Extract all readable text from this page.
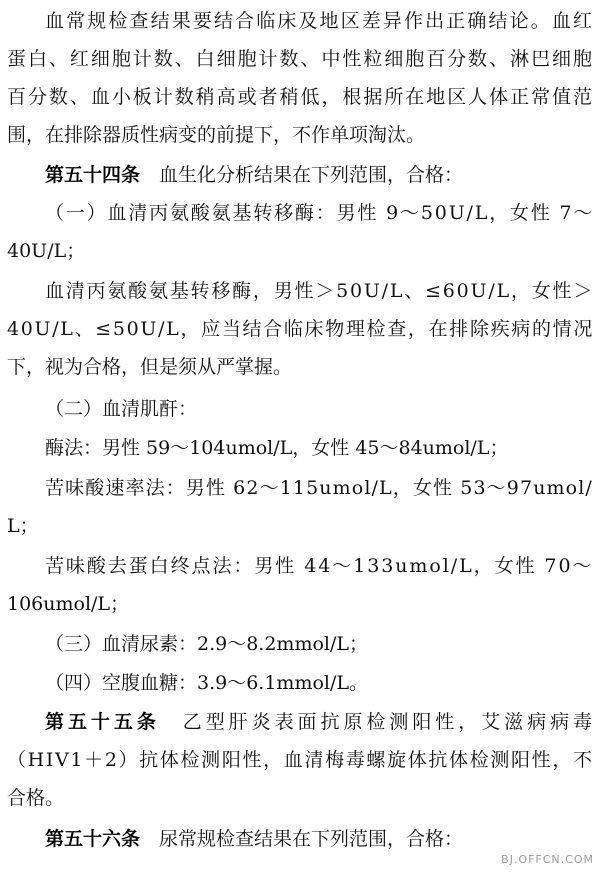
血常规检查结果要结合临床及地区差异作出正确结论。血红

蛋白、红细胞计数、白细胞计数、中性粒细胞百分数、淋巴细胞

百分数、血小板计数稍高或者稍低，根据所在地区人体正常值范

围，在排除器质性病变的前提下，不作单项淘汰。

第五十四条　血生化分析结果在下列范围，合格：

（一）血清丙氨酸氨基转移酶：男性 9～50U/L，女性 7～

40U/L；

血清丙氨酸氨基转移酶，男性＞50U/L、≤60U/L，女性＞

40U/L、≤50U/L，应当结合临床物理检查，在排除疾病的情况

下，视为合格，但是须从严掌握。

（二）血清肌酐：

酶法：男性 59～104umol/L，女性 45～84umol/L；

苦味酸速率法：男性 62～115umol/L，女性 53～97umol/

L；

苦味酸去蛋白终点法：男性 44～133umol/L，女性 70～

106umol/L；

（三）血清尿素：2.9～8.2mmol/L；

（四）空腹血糖：3.9～6.1mmol/L。

第五十五条　乙型肝炎表面抗原检测阳性，艾滋病病毒

（HIV1＋2）抗体检测阳性，血清梅毒螺旋体抗体检测阳性，不

合格。

第五十六条　尿常规检查结果在下列范围，合格：

BJ.OFFCN.COM
